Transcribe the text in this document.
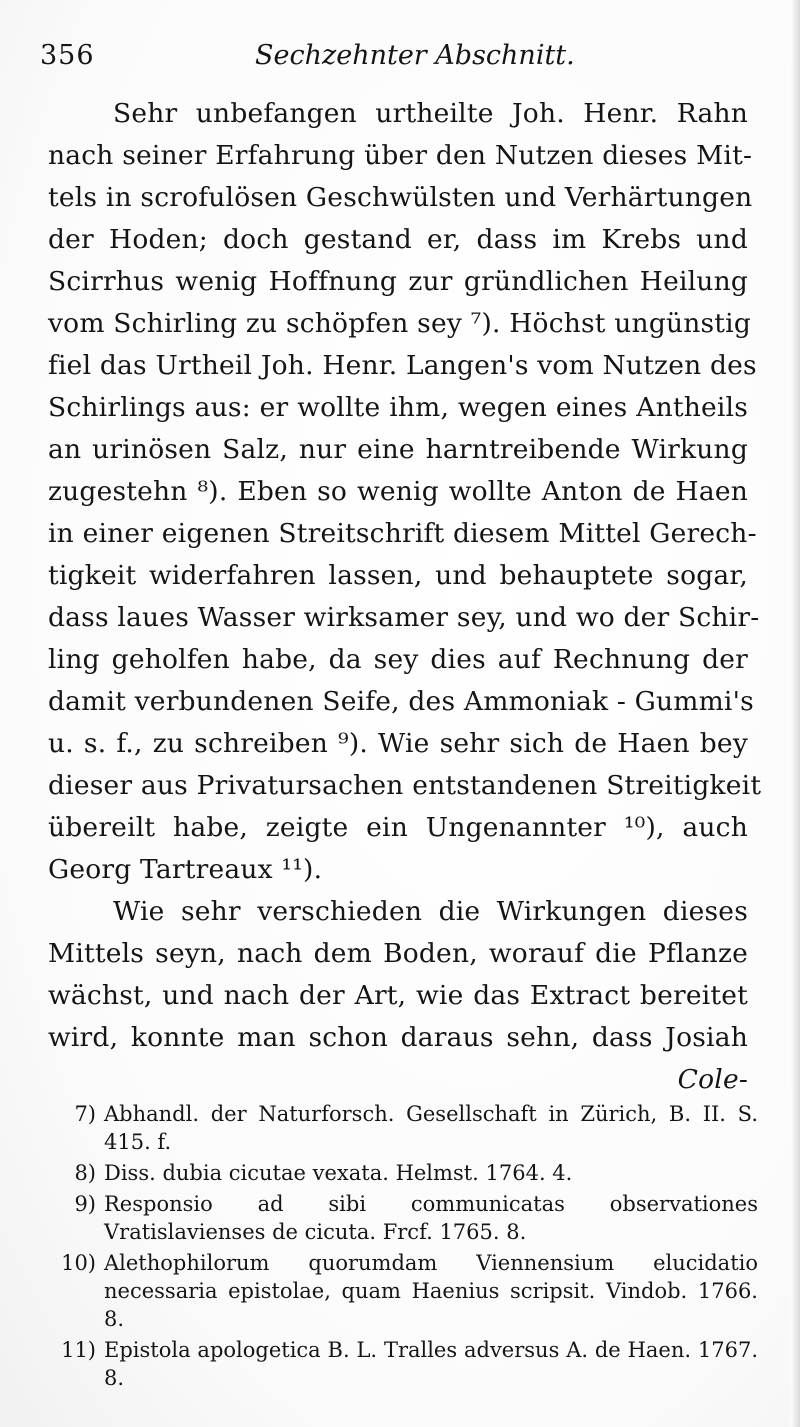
356	Sechzehnter Abschnitt.
Sehr unbefangen urtheilte Joh. Henr. Rahn
nach seiner Erfahrung über den Nutzen dieses Mit-
tels in scrofulösen Geschwülsten und Verhärtungen
der Hoden; doch gestand er, dass im Krebs und
Scirrhus wenig Hoffnung zur gründlichen Heilung
vom Schirling zu schöpfen sey ⁷). Höchst ungünstig
fiel das Urtheil Joh. Henr. Langen's vom Nutzen des
Schirlings aus: er wollte ihm, wegen eines Antheils
an urinösen Salz, nur eine harntreibende Wirkung
zugestehn ⁸). Eben so wenig wollte Anton de Haen
in einer eigenen Streitschrift diesem Mittel Gerech-
tigkeit widerfahren lassen, und behauptete sogar,
dass laues Wasser wirksamer sey, und wo der Schir-
ling geholfen habe, da sey dies auf Rechnung der
damit verbundenen Seife, des Ammoniak - Gummi's
u. s. f., zu schreiben ⁹). Wie sehr sich de Haen bey
dieser aus Privatursachen entstandenen Streitigkeit
übereilt habe, zeigte ein Ungenannter ¹⁰), auch
Georg Tartreaux ¹¹).
Wie sehr verschieden die Wirkungen dieses
Mittels seyn, nach dem Boden, worauf die Pflanze
wächst, und nach der Art, wie das Extract bereitet
wird, konnte man schon daraus sehn, dass Josiah
Cole-
7) Abhandl. der Naturforsch. Gesellschaft in Zürich, B. II. S. 415. f.
8) Diss. dubia cicutae vexata. Helmst. 1764. 4.
9) Responsio ad sibi communicatas observationes Vratislavienses de cicuta. Frcf. 1765. 8.
10) Alethophilorum quorumdam Viennensium elucidatio necessaria epistolae, quam Haenius scripsit. Vindob. 1766. 8.
11) Epistola apologetica B. L. Tralles adversus A. de Haen. 1767. 8.
